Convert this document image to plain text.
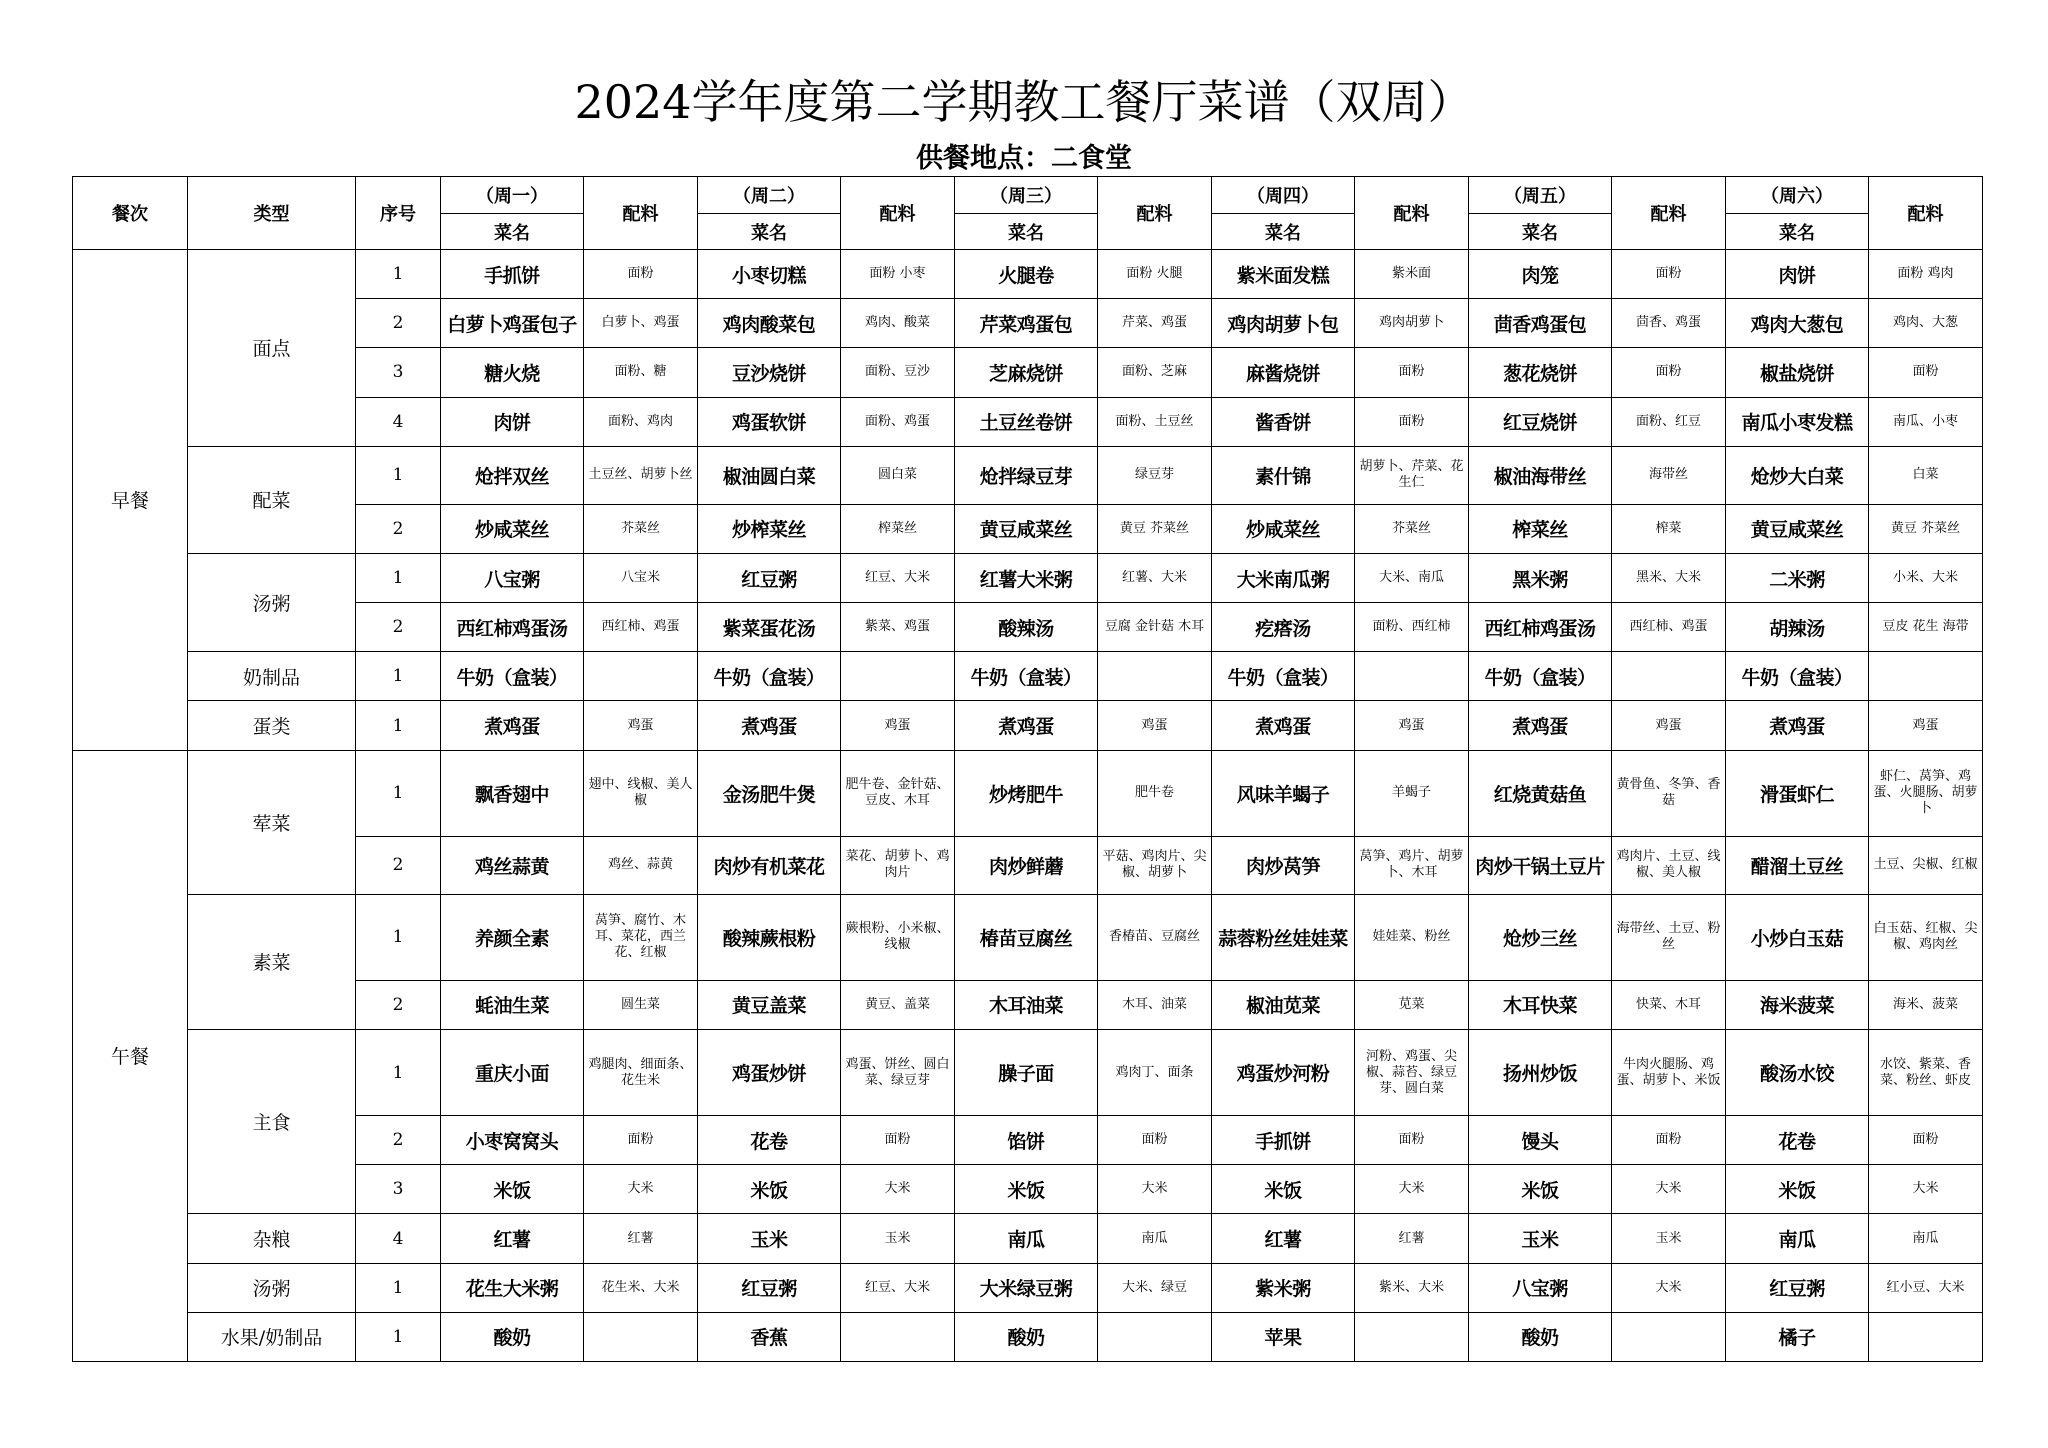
2024学年度第二学期教工餐厅菜谱（双周）
供餐地点：二食堂
餐次	类型	序号	（周一）	配料	（周二）	配料	（周三）	配料	（周四）	配料	（周五）	配料	（周六）	配料
			菜名		菜名		菜名		菜名		菜名		菜名	
早餐	面点	1	手抓饼	面粉	小枣切糕	面粉 小枣	火腿卷	面粉 火腿	紫米面发糕	紫米面	肉笼	面粉	肉饼	面粉 鸡肉
		2	白萝卜鸡蛋包子	白萝卜、鸡蛋	鸡肉酸菜包	鸡肉、酸菜	芹菜鸡蛋包	芹菜、鸡蛋	鸡肉胡萝卜包	鸡肉胡萝卜	茴香鸡蛋包	茴香、鸡蛋	鸡肉大葱包	鸡肉、大葱
		3	糖火烧	面粉、糖	豆沙烧饼	面粉、豆沙	芝麻烧饼	面粉、芝麻	麻酱烧饼	面粉	葱花烧饼	面粉	椒盐烧饼	面粉
		4	肉饼	面粉、鸡肉	鸡蛋软饼	面粉、鸡蛋	土豆丝卷饼	面粉、土豆丝	酱香饼	面粉	红豆烧饼	面粉、红豆	南瓜小枣发糕	南瓜、小枣
	配菜	1	炝拌双丝	土豆丝、胡萝卜丝	椒油圆白菜	圆白菜	炝拌绿豆芽	绿豆芽	素什锦	胡萝卜、芹菜、花生仁	椒油海带丝	海带丝	炝炒大白菜	白菜
		2	炒咸菜丝	芥菜丝	炒榨菜丝	榨菜丝	黄豆咸菜丝	黄豆 芥菜丝	炒咸菜丝	芥菜丝	榨菜丝	榨菜	黄豆咸菜丝	黄豆 芥菜丝
	汤粥	1	八宝粥	八宝米	红豆粥	红豆、大米	红薯大米粥	红薯、大米	大米南瓜粥	大米、南瓜	黑米粥	黑米、大米	二米粥	小米、大米
		2	西红柿鸡蛋汤	西红柿、鸡蛋	紫菜蛋花汤	紫菜、鸡蛋	酸辣汤	豆腐 金针菇 木耳	疙瘩汤	面粉、西红柿	西红柿鸡蛋汤	西红柿、鸡蛋	胡辣汤	豆皮 花生 海带
	奶制品	1	牛奶（盒装）		牛奶（盒装）		牛奶（盒装）		牛奶（盒装）		牛奶（盒装）		牛奶（盒装）	
	蛋类	1	煮鸡蛋	鸡蛋	煮鸡蛋	鸡蛋	煮鸡蛋	鸡蛋	煮鸡蛋	鸡蛋	煮鸡蛋	鸡蛋	煮鸡蛋	鸡蛋
午餐	荤菜	1	飘香翅中	翅中、线椒、美人椒	金汤肥牛煲	肥牛卷、金针菇、豆皮、木耳	炒烤肥牛	肥牛卷	风味羊蝎子	羊蝎子	红烧黄菇鱼	黄骨鱼、冬笋、香菇	滑蛋虾仁	虾仁、莴笋、鸡蛋、火腿肠、胡萝卜
		2	鸡丝蒜黄	鸡丝、蒜黄	肉炒有机菜花	菜花、胡萝卜、鸡肉片	肉炒鲜蘑	平菇、鸡肉片、尖椒、胡萝卜	肉炒莴笋	莴笋、鸡片、胡萝卜、木耳	肉炒干锅土豆片	鸡肉片、土豆、线椒、美人椒	醋溜土豆丝	土豆、尖椒、红椒
	素菜	1	养颜全素	莴笋、腐竹、木耳、菜花，西兰花、红椒	酸辣蕨根粉	蕨根粉、小米椒、线椒	椿苗豆腐丝	香椿苗、豆腐丝	蒜蓉粉丝娃娃菜	娃娃菜、粉丝	炝炒三丝	海带丝、土豆、粉丝	小炒白玉菇	白玉菇、红椒、尖椒、鸡肉丝
		2	蚝油生菜	圆生菜	黄豆盖菜	黄豆、盖菜	木耳油菜	木耳、油菜	椒油苋菜	苋菜	木耳快菜	快菜、木耳	海米菠菜	海米、菠菜
	主食	1	重庆小面	鸡腿肉、细面条、花生米	鸡蛋炒饼	鸡蛋、饼丝、圆白菜、绿豆芽	臊子面	鸡肉丁、面条	鸡蛋炒河粉	河粉、鸡蛋、尖椒、蒜苔、绿豆芽、圆白菜	扬州炒饭	牛肉火腿肠、鸡蛋、胡萝卜、米饭	酸汤水饺	水饺、紫菜、香菜、粉丝、虾皮
		2	小枣窝窝头	面粉	花卷	面粉	馅饼	面粉	手抓饼	面粉	馒头	面粉	花卷	面粉
		3	米饭	大米	米饭	大米	米饭	大米	米饭	大米	米饭	大米	米饭	大米
	杂粮	4	红薯	红薯	玉米	玉米	南瓜	南瓜	红薯	红薯	玉米	玉米	南瓜	南瓜
	汤粥	1	花生大米粥	花生米、大米	红豆粥	红豆、大米	大米绿豆粥	大米、绿豆	紫米粥	紫米、大米	八宝粥	大米	红豆粥	红小豆、大米
	水果/奶制品	1	酸奶		香蕉		酸奶		苹果		酸奶		橘子	
